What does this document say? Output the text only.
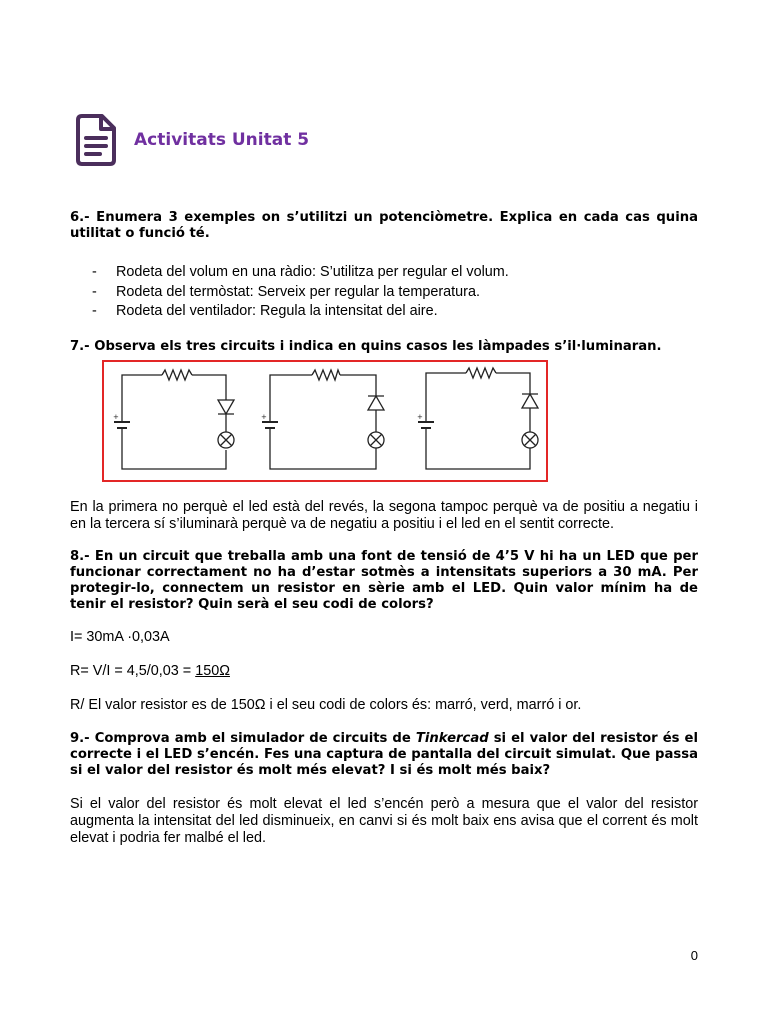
Activitats Unitat 5

6.- Enumera 3 exemples on s’utilitzi un potenciòmetre. Explica en cada cas quina utilitat o funció té.

-	Rodeta del volum en una ràdio: S’utilitza per regular el volum.
-	Rodeta del termòstat: Serveix per regular la temperatura.
-	Rodeta del ventilador: Regula la intensitat del aire.

7.- Observa els tres circuits i indica en quins casos les làmpades s’il·luminaran.

+	+	+

En la primera no perquè el led està del revés, la segona tampoc perquè va de positiu a negatiu i en la tercera sí s’iluminarà perquè va de negatiu a positiu i el led en el sentit correcte.

8.- En un circuit que treballa amb una font de tensió de 4’5 V hi ha un LED que per funcionar correctament no ha d’estar sotmès a intensitats superiors a 30 mA. Per protegir-lo, connectem un resistor en sèrie amb el LED. Quin valor mínim ha de tenir el resistor? Quin serà el seu codi de colors?

I= 30mA ·0,03A

R= V/I = 4,5/0,03 = 150Ω

R/ El valor resistor es de 150Ω i el seu codi de colors és: marró, verd, marró i or.

9.- Comprova amb el simulador de circuits de Tinkercad si el valor del resistor és el correcte i el LED s’encén. Fes una captura de pantalla del circuit simulat. Que passa si el valor del resistor és molt més elevat? I si és molt més baix?

Si el valor del resistor és molt elevat el led s’encén però a mesura que el valor del resistor augmenta la intensitat del led disminueix, en canvi si és molt baix ens avisa que el corrent és molt elevat i podria fer malbé el led.

0
